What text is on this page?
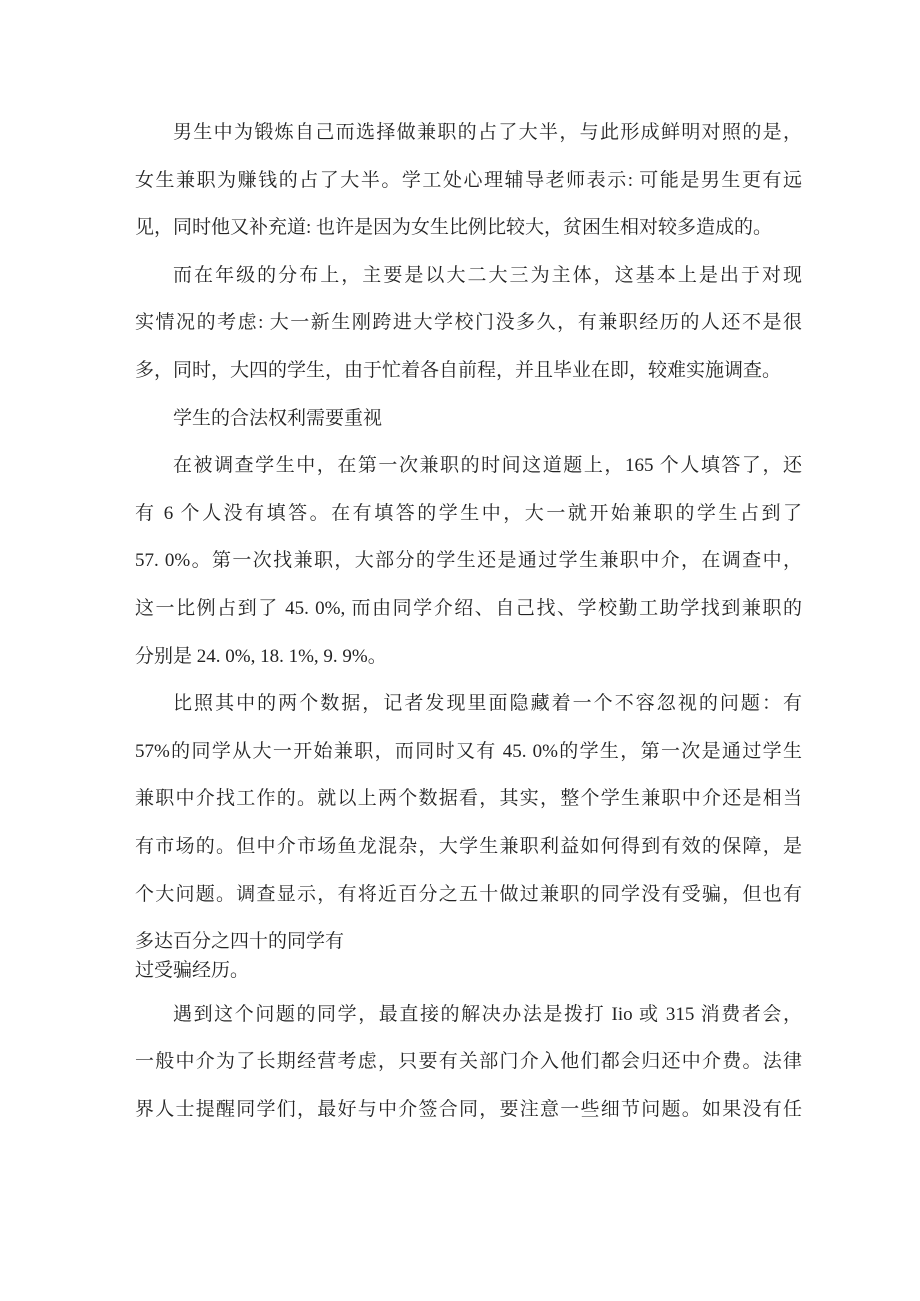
男生中为锻炼自己而选择做兼职的占了大半，与此形成鲜明对照的是，
女生兼职为赚钱的占了大半。学工处心理辅导老师表示: 可能是男生更有远
见，同时他又补充道: 也许是因为女生比例比较大，贫困生相对较多造成的。
而在年级的分布上，主要是以大二大三为主体，这基本上是出于对现
实情况的考虑: 大一新生刚跨进大学校门没多久，有兼职经历的人还不是很
多，同时，大四的学生，由于忙着各自前程，并且毕业在即，较难实施调查。
学生的合法权利需要重视
在被调查学生中，在第一次兼职的时间这道题上，165 个人填答了，还
有 6 个人没有填答。在有填答的学生中，大一就开始兼职的学生占到了
57. 0%。第一次找兼职，大部分的学生还是通过学生兼职中介，在调查中，
这一比例占到了 45. 0%, 而由同学介绍、自己找、学校勤工助学找到兼职的
分别是 24. 0%, 18. 1%, 9. 9%。
比照其中的两个数据，记者发现里面隐藏着一个不容忽视的问题：有
57%的同学从大一开始兼职，而同时又有 45. 0%的学生，第一次是通过学生
兼职中介找工作的。就以上两个数据看，其实，整个学生兼职中介还是相当
有市场的。但中介市场鱼龙混杂，大学生兼职利益如何得到有效的保障，是
个大问题。调查显示，有将近百分之五十做过兼职的同学没有受骗，但也有
多达百分之四十的同学有
过受骗经历。
遇到这个问题的同学，最直接的解决办法是拨打 Iio 或 315 消费者会，
一般中介为了长期经营考虑，只要有关部门介入他们都会归还中介费。法律
界人士提醒同学们，最好与中介签合同，要注意一些细节问题。如果没有任
